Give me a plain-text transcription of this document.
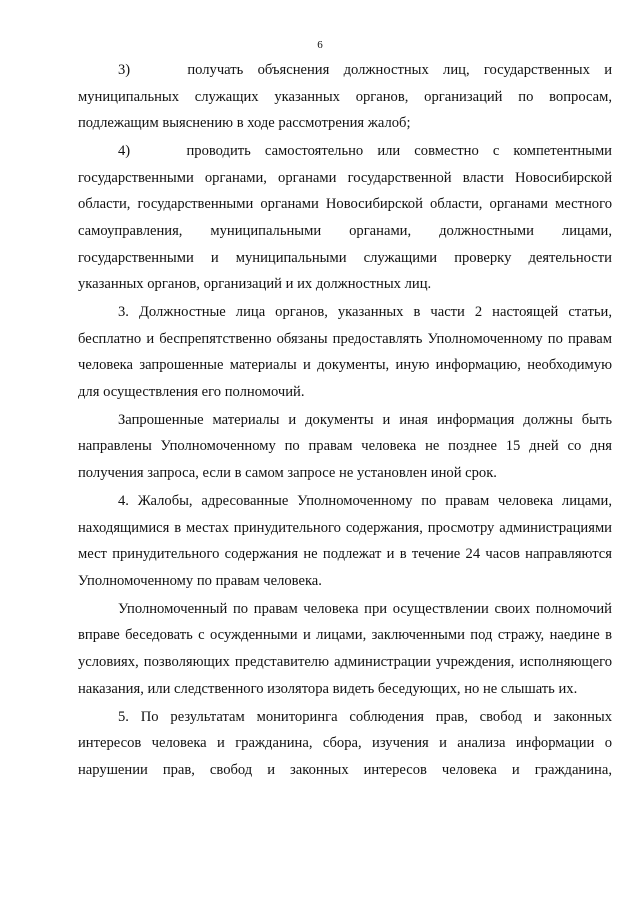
6

3)    получать объяснения должностных лиц, государственных и муниципальных служащих указанных органов, организаций по вопросам, подлежащим выяснению в ходе рассмотрения жалоб;

4)    проводить самостоятельно или совместно с компетентными государственными органами, органами государственной власти Новосибирской области, государственными органами Новосибирской области, органами местного самоуправления, муниципальными органами, должностными лицами, государственными и муниципальными служащими проверку деятельности указанных органов, организаций и их должностных лиц.

3. Должностные лица органов, указанных в части 2 настоящей статьи, бесплатно и беспрепятственно обязаны предоставлять Уполномоченному по правам человека запрошенные материалы и документы, иную информацию, необходимую для осуществления его полномочий.

Запрошенные материалы и документы и иная информация должны быть направлены Уполномоченному по правам человека не позднее 15 дней со дня получения запроса, если в самом запросе не установлен иной срок.

4. Жалобы, адресованные Уполномоченному по правам человека лицами, находящимися в местах принудительного содержания, просмотру администрациями мест принудительного содержания не подлежат и в течение 24 часов направляются Уполномоченному по правам человека.

Уполномоченный по правам человека при осуществлении своих полномочий вправе беседовать с осужденными и лицами, заключенными под стражу, наедине в условиях, позволяющих представителю администрации учреждения, исполняющего наказания, или следственного изолятора видеть беседующих, но не слышать их.

5. По результатам мониторинга соблюдения прав, свобод и законных интересов человека и гражданина, сбора, изучения и анализа информации о нарушении прав, свобод и законных интересов человека и гражданина,
